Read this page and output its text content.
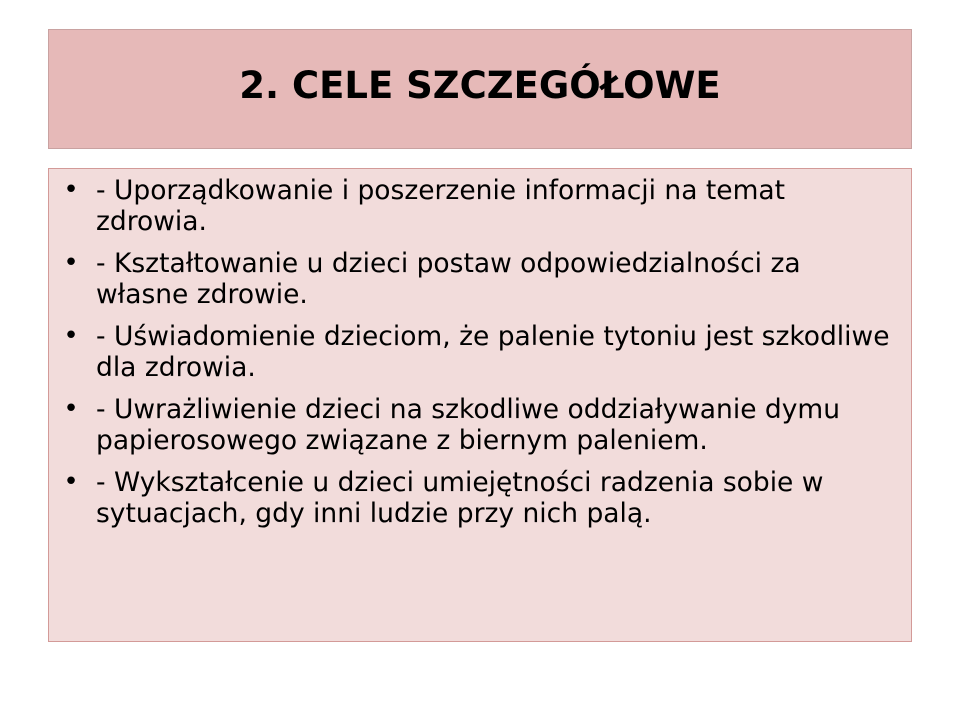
2. CELE SZCZEGÓŁOWE
• - Uporządkowanie i poszerzenie informacji na temat zdrowia.
• - Kształtowanie u dzieci postaw odpowiedzialności za własne zdrowie.
• - Uświadomienie dzieciom, że palenie tytoniu jest szkodliwe dla zdrowia.
• - Uwrażliwienie dzieci na szkodliwe oddziaływanie dymu papierosowego związane z biernym paleniem.
• - Wykształcenie u dzieci umiejętności radzenia sobie w sytuacjach, gdy inni ludzie przy nich palą.
